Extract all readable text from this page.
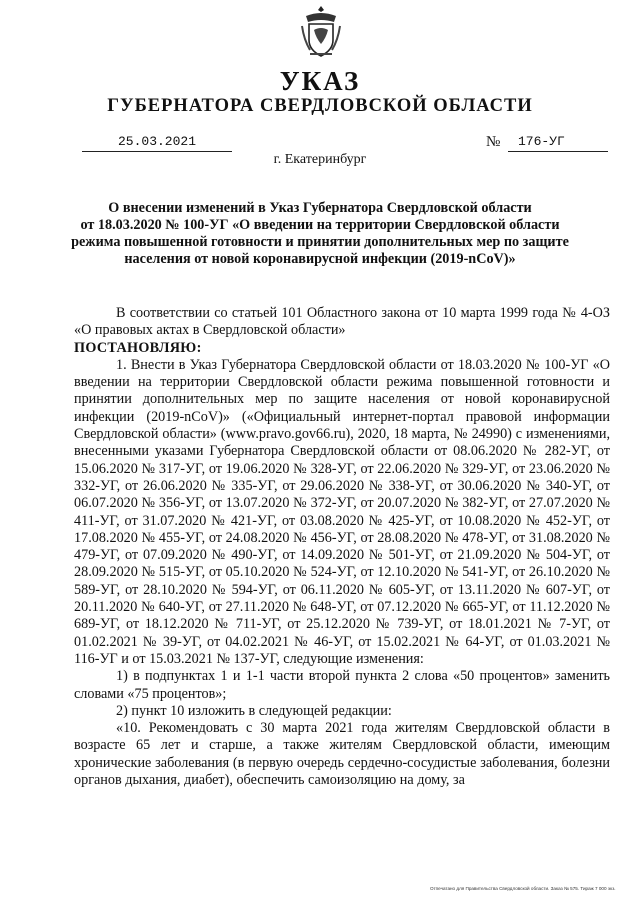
УКАЗ
ГУБЕРНАТОРА СВЕРДЛОВСКОЙ ОБЛАСТИ
25.03.2021	№	176-УГ
г. Екатеринбург
О внесении изменений в Указ Губернатора Свердловской области
от 18.03.2020 № 100-УГ «О введении на территории Свердловской области
режима повышенной готовности и принятии дополнительных мер по защите
населения от новой коронавирусной инфекции (2019-nCoV)»

В соответствии со статьей 101 Областного закона от 10 марта 1999 года № 4-ОЗ «О правовых актах в Свердловской области»

ПОСТАНОВЛЯЮ:

1. Внести в Указ Губернатора Свердловской области от 18.03.2020 № 100-УГ «О введении на территории Свердловской области режима повышенной готовности и принятии дополнительных мер по защите населения от новой коронавирусной инфекции (2019-nCoV)» («Официальный интернет-портал правовой информации Свердловской области» (www.pravo.gov66.ru), 2020, 18 марта, № 24990) с изменениями, внесенными указами Губернатора Свердловской области от 08.06.2020 № 282-УГ, от 15.06.2020 № 317-УГ, от 19.06.2020 № 328-УГ, от 22.06.2020 № 329-УГ, от 23.06.2020 № 332-УГ, от 26.06.2020 № 335-УГ, от 29.06.2020 № 338-УГ, от 30.06.2020 № 340-УГ, от 06.07.2020 № 356-УГ, от 13.07.2020 № 372-УГ, от 20.07.2020 № 382-УГ, от 27.07.2020 № 411-УГ, от 31.07.2020 № 421-УГ, от 03.08.2020 № 425-УГ, от 10.08.2020 № 452-УГ, от 17.08.2020 № 455-УГ, от 24.08.2020 № 456-УГ, от 28.08.2020 № 478-УГ, от 31.08.2020 № 479-УГ, от 07.09.2020 № 490-УГ, от 14.09.2020 № 501-УГ, от 21.09.2020 № 504-УГ, от 28.09.2020 № 515-УГ, от 05.10.2020 № 524-УГ, от 12.10.2020 № 541-УГ, от 26.10.2020 № 589-УГ, от 28.10.2020 № 594-УГ, от 06.11.2020 № 605-УГ, от 13.11.2020 № 607-УГ, от 20.11.2020 № 640-УГ, от 27.11.2020 № 648-УГ, от 07.12.2020 № 665-УГ, от 11.12.2020 № 689-УГ, от 18.12.2020 № 711-УГ, от 25.12.2020 № 739-УГ, от 18.01.2021 № 7-УГ, от 01.02.2021 № 39-УГ, от 04.02.2021 № 46-УГ, от 15.02.2021 № 64-УГ, от 01.03.2021 № 116-УГ и от 15.03.2021 № 137-УГ, следующие изменения:

1) в подпунктах 1 и 1-1 части второй пункта 2 слова «50 процентов» заменить словами «75 процентов»;

2) пункт 10 изложить в следующей редакции:

«10. Рекомендовать с 30 марта 2021 года жителям Свердловской области в возрасте 65 лет и старше, а также жителям Свердловской области, имеющим хронические заболевания (в первую очередь сердечно-сосудистые заболевания, болезни органов дыхания, диабет), обеспечить самоизоляцию на дому, за

Отпечатано для Правительства Свердловской области. Заказ № 575. Тираж 7 000 экз.
